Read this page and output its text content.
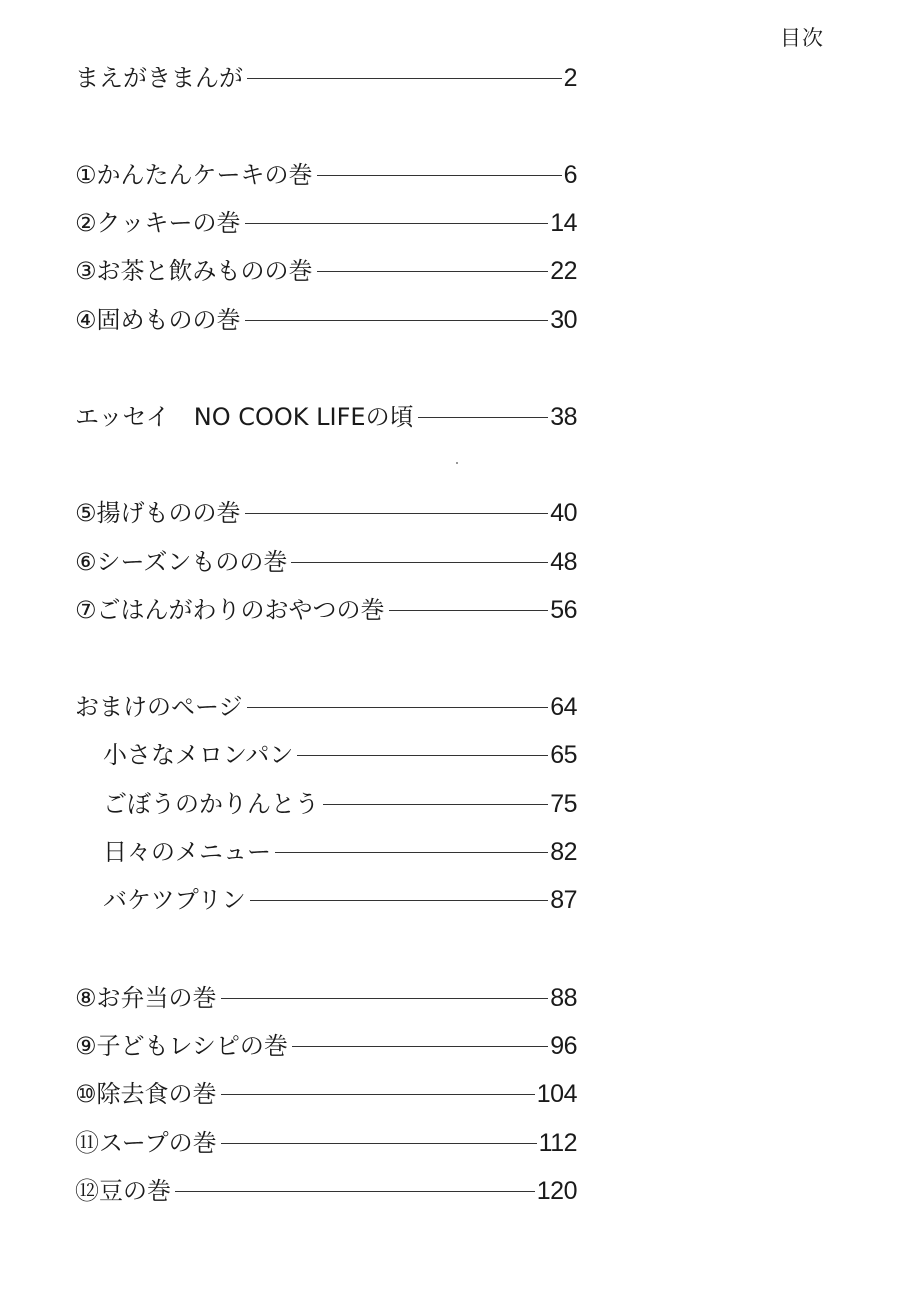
目次
まえがきまんが	2
①かんたんケーキの巻	6
②クッキーの巻	14
③お茶と飲みものの巻	22
④固めものの巻	30
エッセイ　NO COOK LIFEの頃	38
⑤揚げものの巻	40
⑥シーズンものの巻	48
⑦ごはんがわりのおやつの巻	56
おまけのページ	64
小さなメロンパン	65
ごぼうのかりんとう	75
日々のメニュー	82
バケツプリン	87
⑧お弁当の巻	88
⑨子どもレシピの巻	96
⑩除去食の巻	104
⑪スープの巻	112
⑫豆の巻	120
